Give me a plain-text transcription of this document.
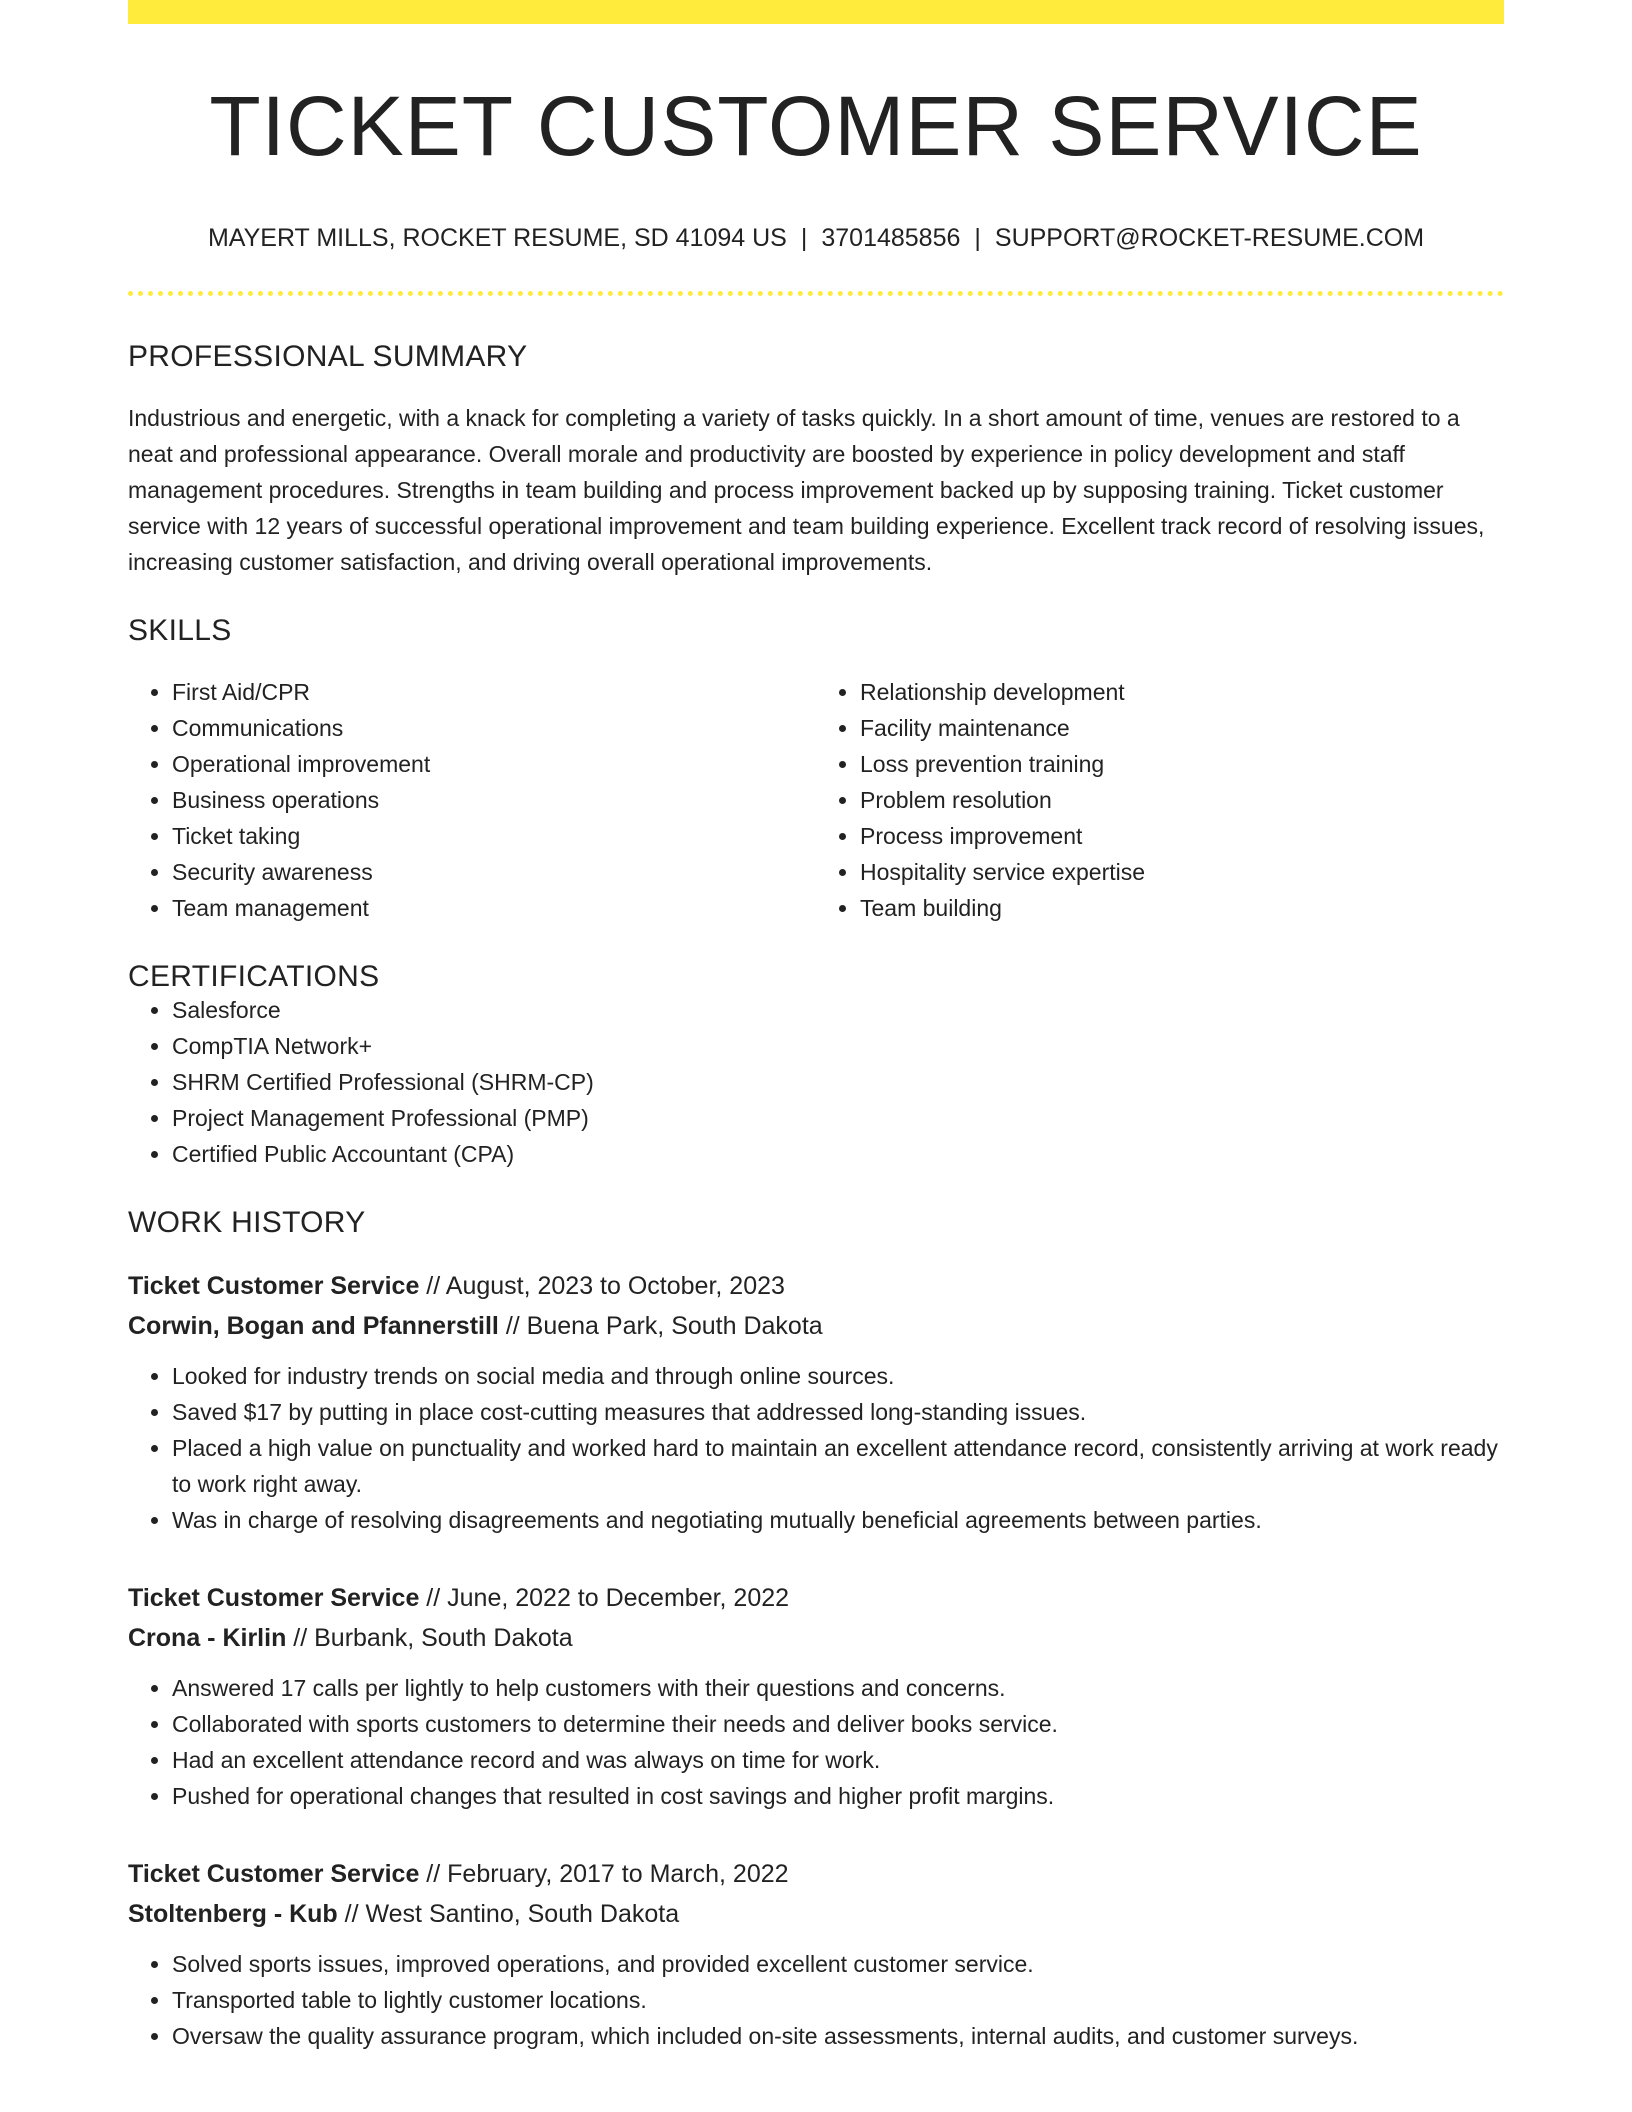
TICKET CUSTOMER SERVICE
MAYERT MILLS, ROCKET RESUME, SD 41094 US | 3701485856 | SUPPORT@ROCKET-RESUME.COM
PROFESSIONAL SUMMARY

Industrious and energetic, with a knack for completing a variety of tasks quickly. In a short amount of time, venues are restored to a neat and professional appearance. Overall morale and productivity are boosted by experience in policy development and staff management procedures. Strengths in team building and process improvement backed up by supposing training. Ticket customer service with 12 years of successful operational improvement and team building experience. Excellent track record of resolving issues, increasing customer satisfaction, and driving overall operational improvements.

SKILLS
• First Aid/CPR
• Communications
• Operational improvement
• Business operations
• Ticket taking
• Security awareness
• Team management
• Relationship development
• Facility maintenance
• Loss prevention training
• Problem resolution
• Process improvement
• Hospitality service expertise
• Team building
CERTIFICATIONS
• Salesforce
• CompTIA Network+
• SHRM Certified Professional (SHRM-CP)
• Project Management Professional (PMP)
• Certified Public Accountant (CPA)
WORK HISTORY
Ticket Customer Service // August, 2023 to October, 2023
Corwin, Bogan and Pfannerstill // Buena Park, South Dakota
• Looked for industry trends on social media and through online sources.
• Saved $17 by putting in place cost-cutting measures that addressed long-standing issues.
• Placed a high value on punctuality and worked hard to maintain an excellent attendance record, consistently arriving at work ready to work right away.
• Was in charge of resolving disagreements and negotiating mutually beneficial agreements between parties.
Ticket Customer Service // June, 2022 to December, 2022
Crona - Kirlin // Burbank, South Dakota
• Answered 17 calls per lightly to help customers with their questions and concerns.
• Collaborated with sports customers to determine their needs and deliver books service.
• Had an excellent attendance record and was always on time for work.
• Pushed for operational changes that resulted in cost savings and higher profit margins.
Ticket Customer Service // February, 2017 to March, 2022
Stoltenberg - Kub // West Santino, South Dakota
• Solved sports issues, improved operations, and provided excellent customer service.
• Transported table to lightly customer locations.
• Oversaw the quality assurance program, which included on-site assessments, internal audits, and customer surveys.
